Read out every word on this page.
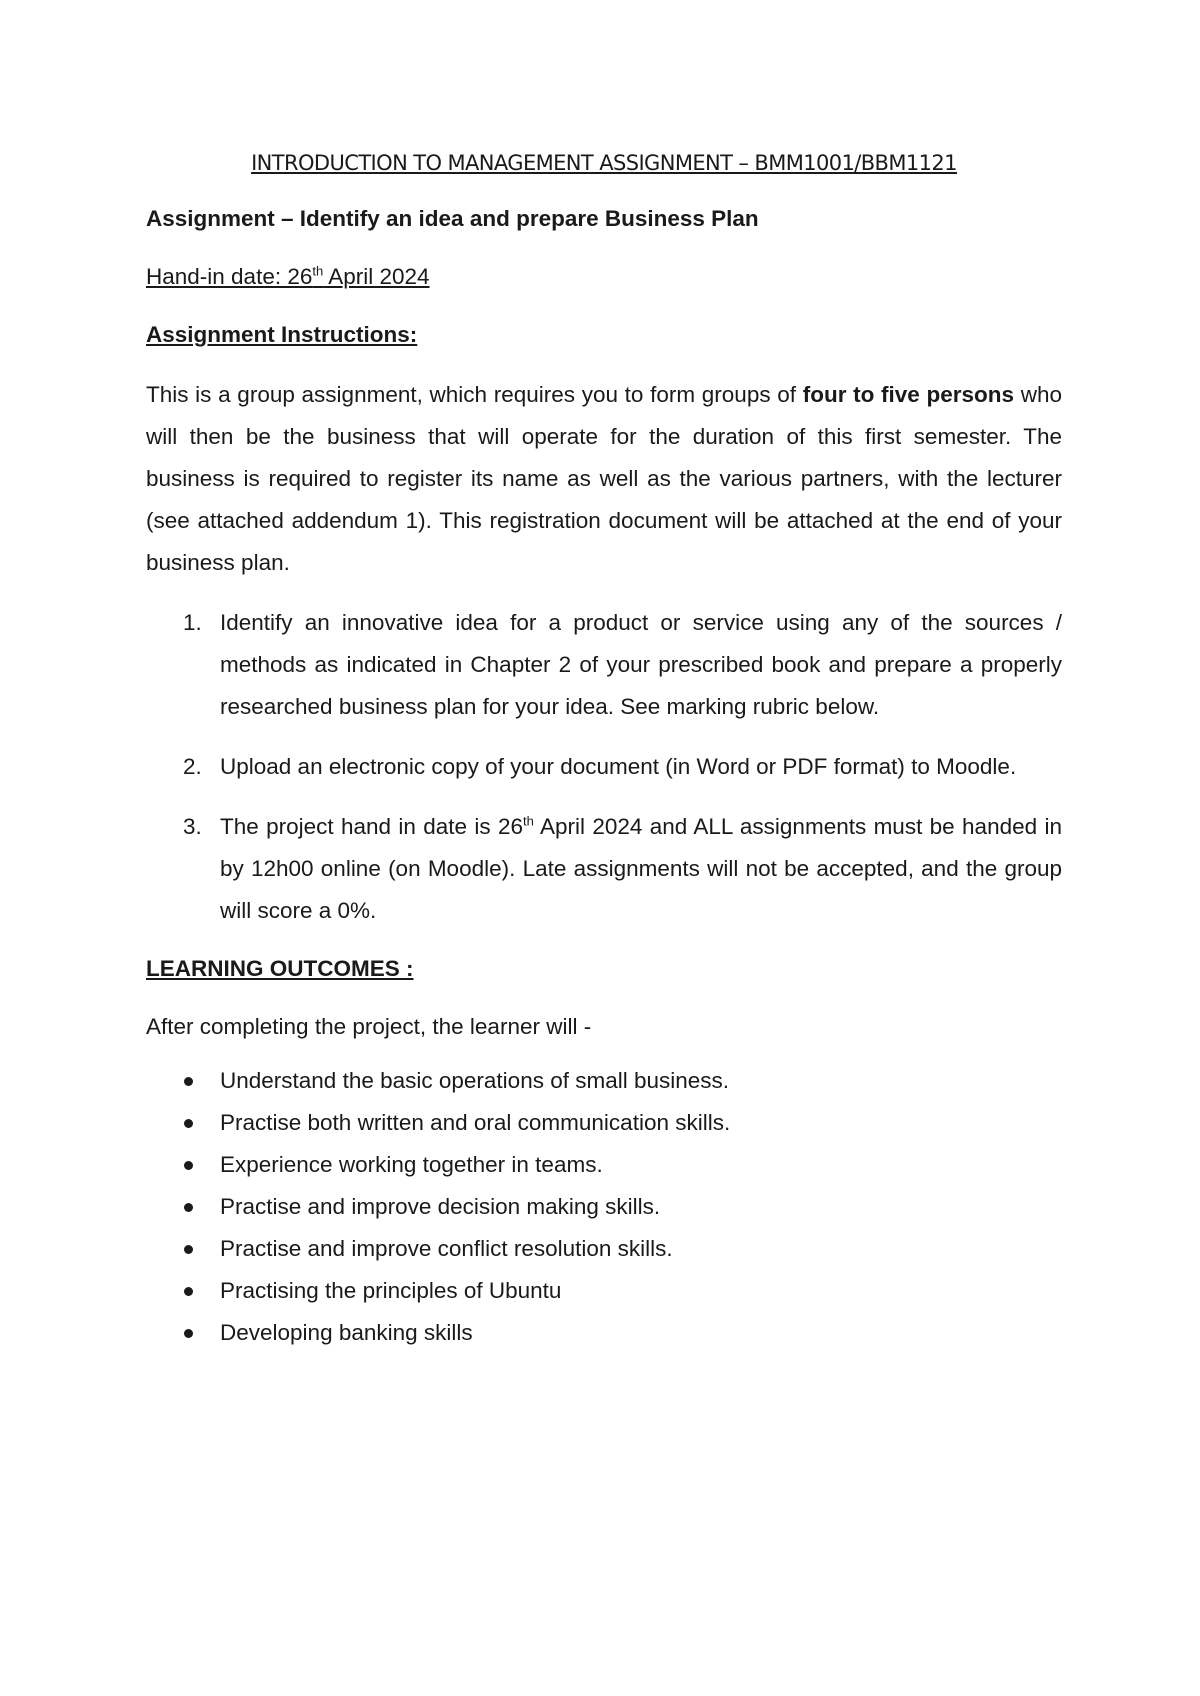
INTRODUCTION TO MANAGEMENT ASSIGNMENT – BMM1001/BBM1121
Assignment – Identify an idea and prepare Business Plan
Hand-in date: 26th April 2024
Assignment Instructions:
This is a group assignment, which requires you to form groups of four to five persons who will then be the business that will operate for the duration of this first semester. The business is required to register its name as well as the various partners, with the lecturer (see attached addendum 1). This registration document will be attached at the end of your business plan.
1. Identify an innovative idea for a product or service using any of the sources / methods as indicated in Chapter 2 of your prescribed book and prepare a properly researched business plan for your idea. See marking rubric below.
2. Upload an electronic copy of your document (in Word or PDF format) to Moodle.
3. The project hand in date is 26th April 2024 and ALL assignments must be handed in by 12h00 online (on Moodle). Late assignments will not be accepted, and the group will score a 0%.
LEARNING OUTCOMES :
After completing the project, the learner will -
Understand the basic operations of small business.
Practise both written and oral communication skills.
Experience working together in teams.
Practise and improve decision making skills.
Practise and improve conflict resolution skills.
Practising the principles of Ubuntu
Developing banking skills
